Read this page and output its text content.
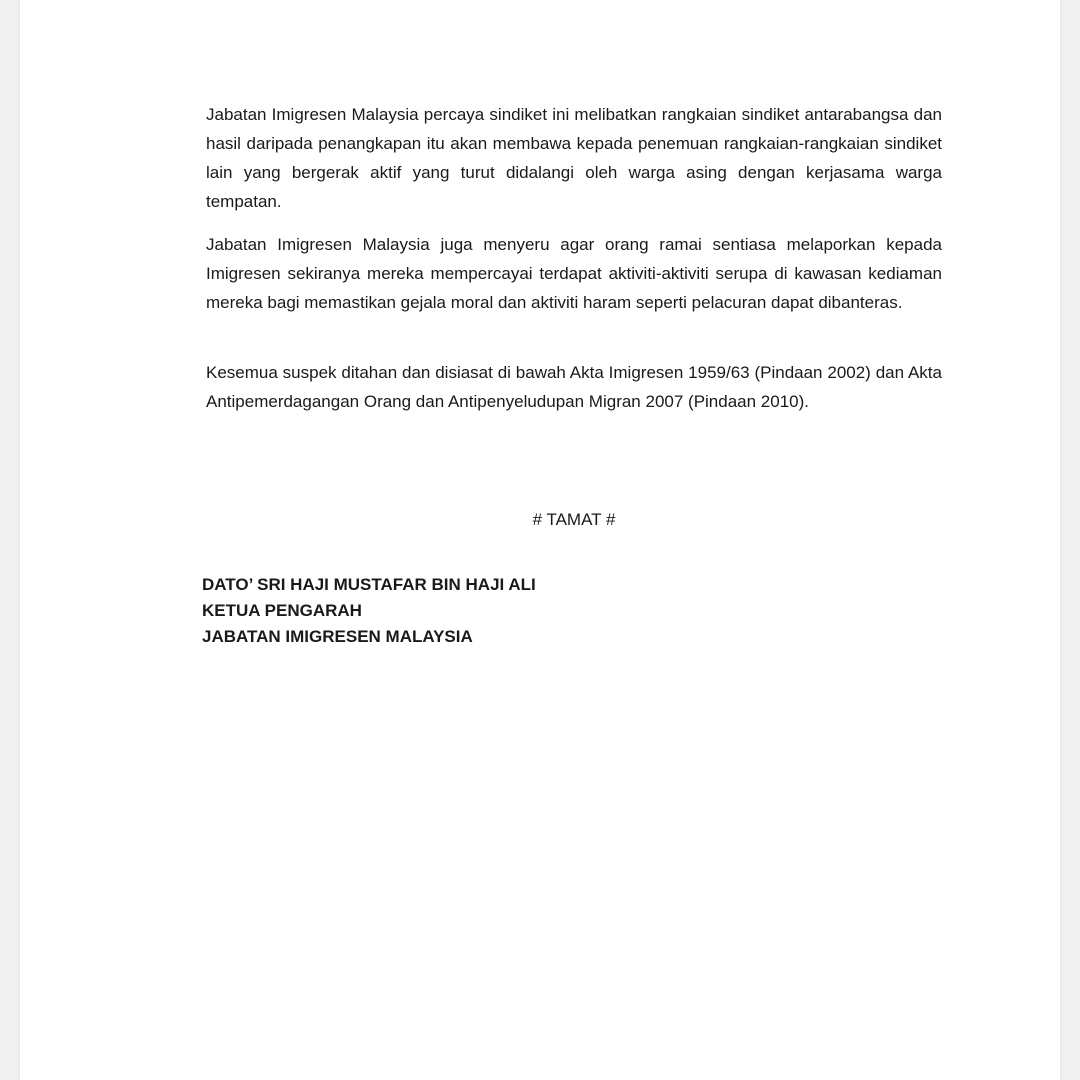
Jabatan Imigresen Malaysia percaya sindiket ini melibatkan rangkaian sindiket antarabangsa dan hasil daripada penangkapan itu akan membawa kepada penemuan rangkaian-rangkaian sindiket lain yang bergerak aktif yang turut didalangi oleh warga asing dengan kerjasama warga tempatan.

Jabatan Imigresen Malaysia juga menyeru agar orang ramai sentiasa melaporkan kepada Imigresen sekiranya mereka mempercayai terdapat aktiviti-aktiviti serupa di kawasan kediaman mereka bagi memastikan gejala moral dan aktiviti haram seperti pelacuran dapat dibanteras.

Kesemua suspek ditahan dan disiasat di bawah Akta Imigresen 1959/63 (Pindaan 2002) dan Akta Antipemerdagangan Orang dan Antipenyeludupan Migran 2007 (Pindaan 2010).

# TAMAT #

DATO’ SRI HAJI MUSTAFAR BIN HAJI ALI
KETUA PENGARAH
JABATAN IMIGRESEN MALAYSIA
